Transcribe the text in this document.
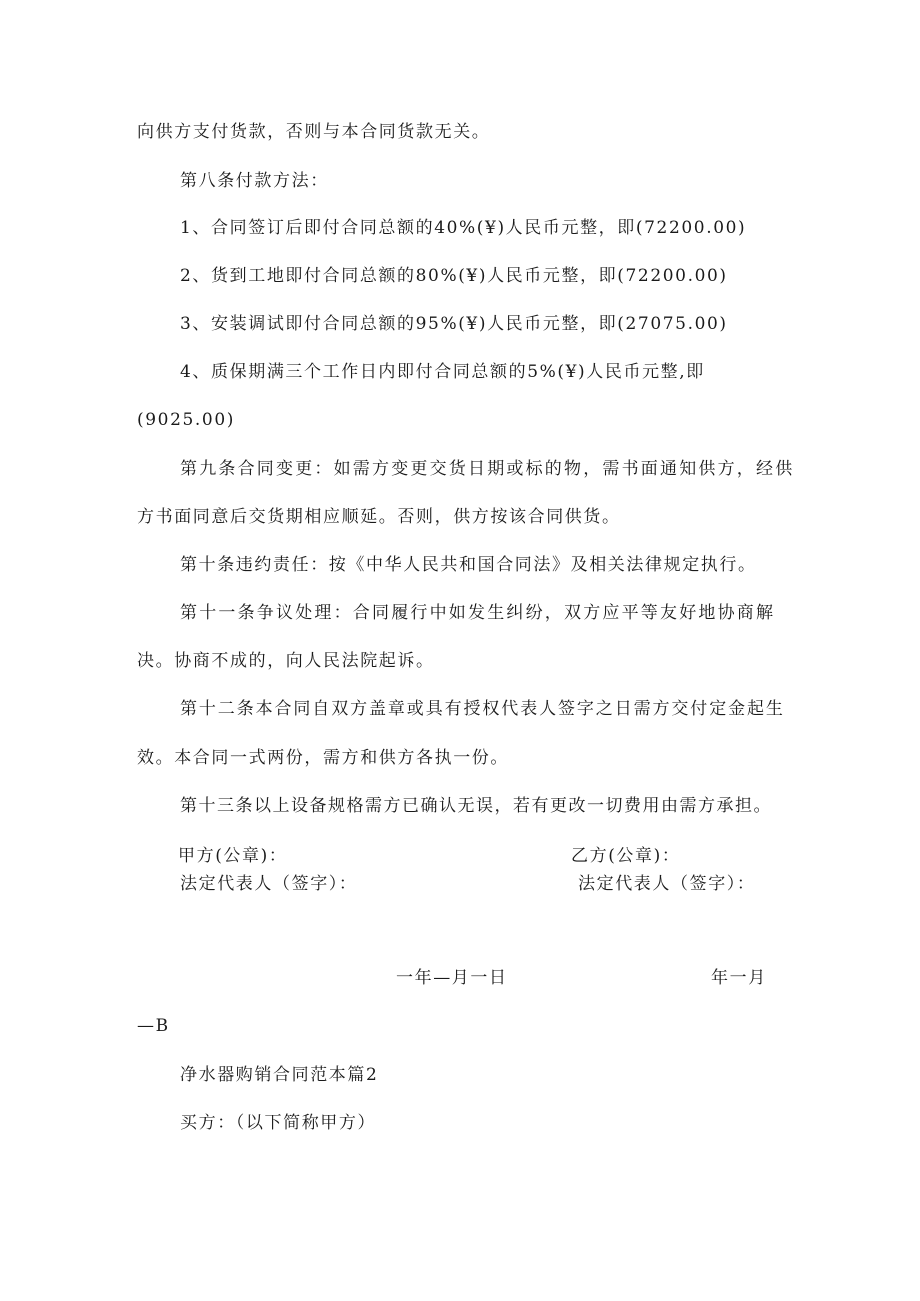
向供方支付货款，否则与本合同货款无关。
第八条付款方法：
1、合同签订后即付合同总额的40%(¥)人民币元整，即(72200.00)
2、货到工地即付合同总额的80%(¥)人民币元整，即(72200.00)
3、安装调试即付合同总额的95%(¥)人民币元整，即(27075.00)
4、质保期满三个工作日内即付合同总额的5%(¥)人民币元整,即
(9025.00)
第九条合同变更：如需方变更交货日期或标的物，需书面通知供方，经供
方书面同意后交货期相应顺延。否则，供方按该合同供货。
第十条违约责任：按《中华人民共和国合同法》及相关法律规定执行。
第十一条争议处理：合同履行中如发生纠纷，双方应平等友好地协商解
决。协商不成的，向人民法院起诉。
第十二条本合同自双方盖章或具有授权代表人签字之日需方交付定金起生
效。本合同一式两份，需方和供方各执一份。
第十三条以上设备规格需方已确认无误，若有更改一切费用由需方承担。
甲方(公章)：
法定代表人（签字）：
乙方(公章)：
法定代表人（签字）：
一年—月一日	年一月
—B
净水器购销合同范本篇2
买方：（以下简称甲方）
